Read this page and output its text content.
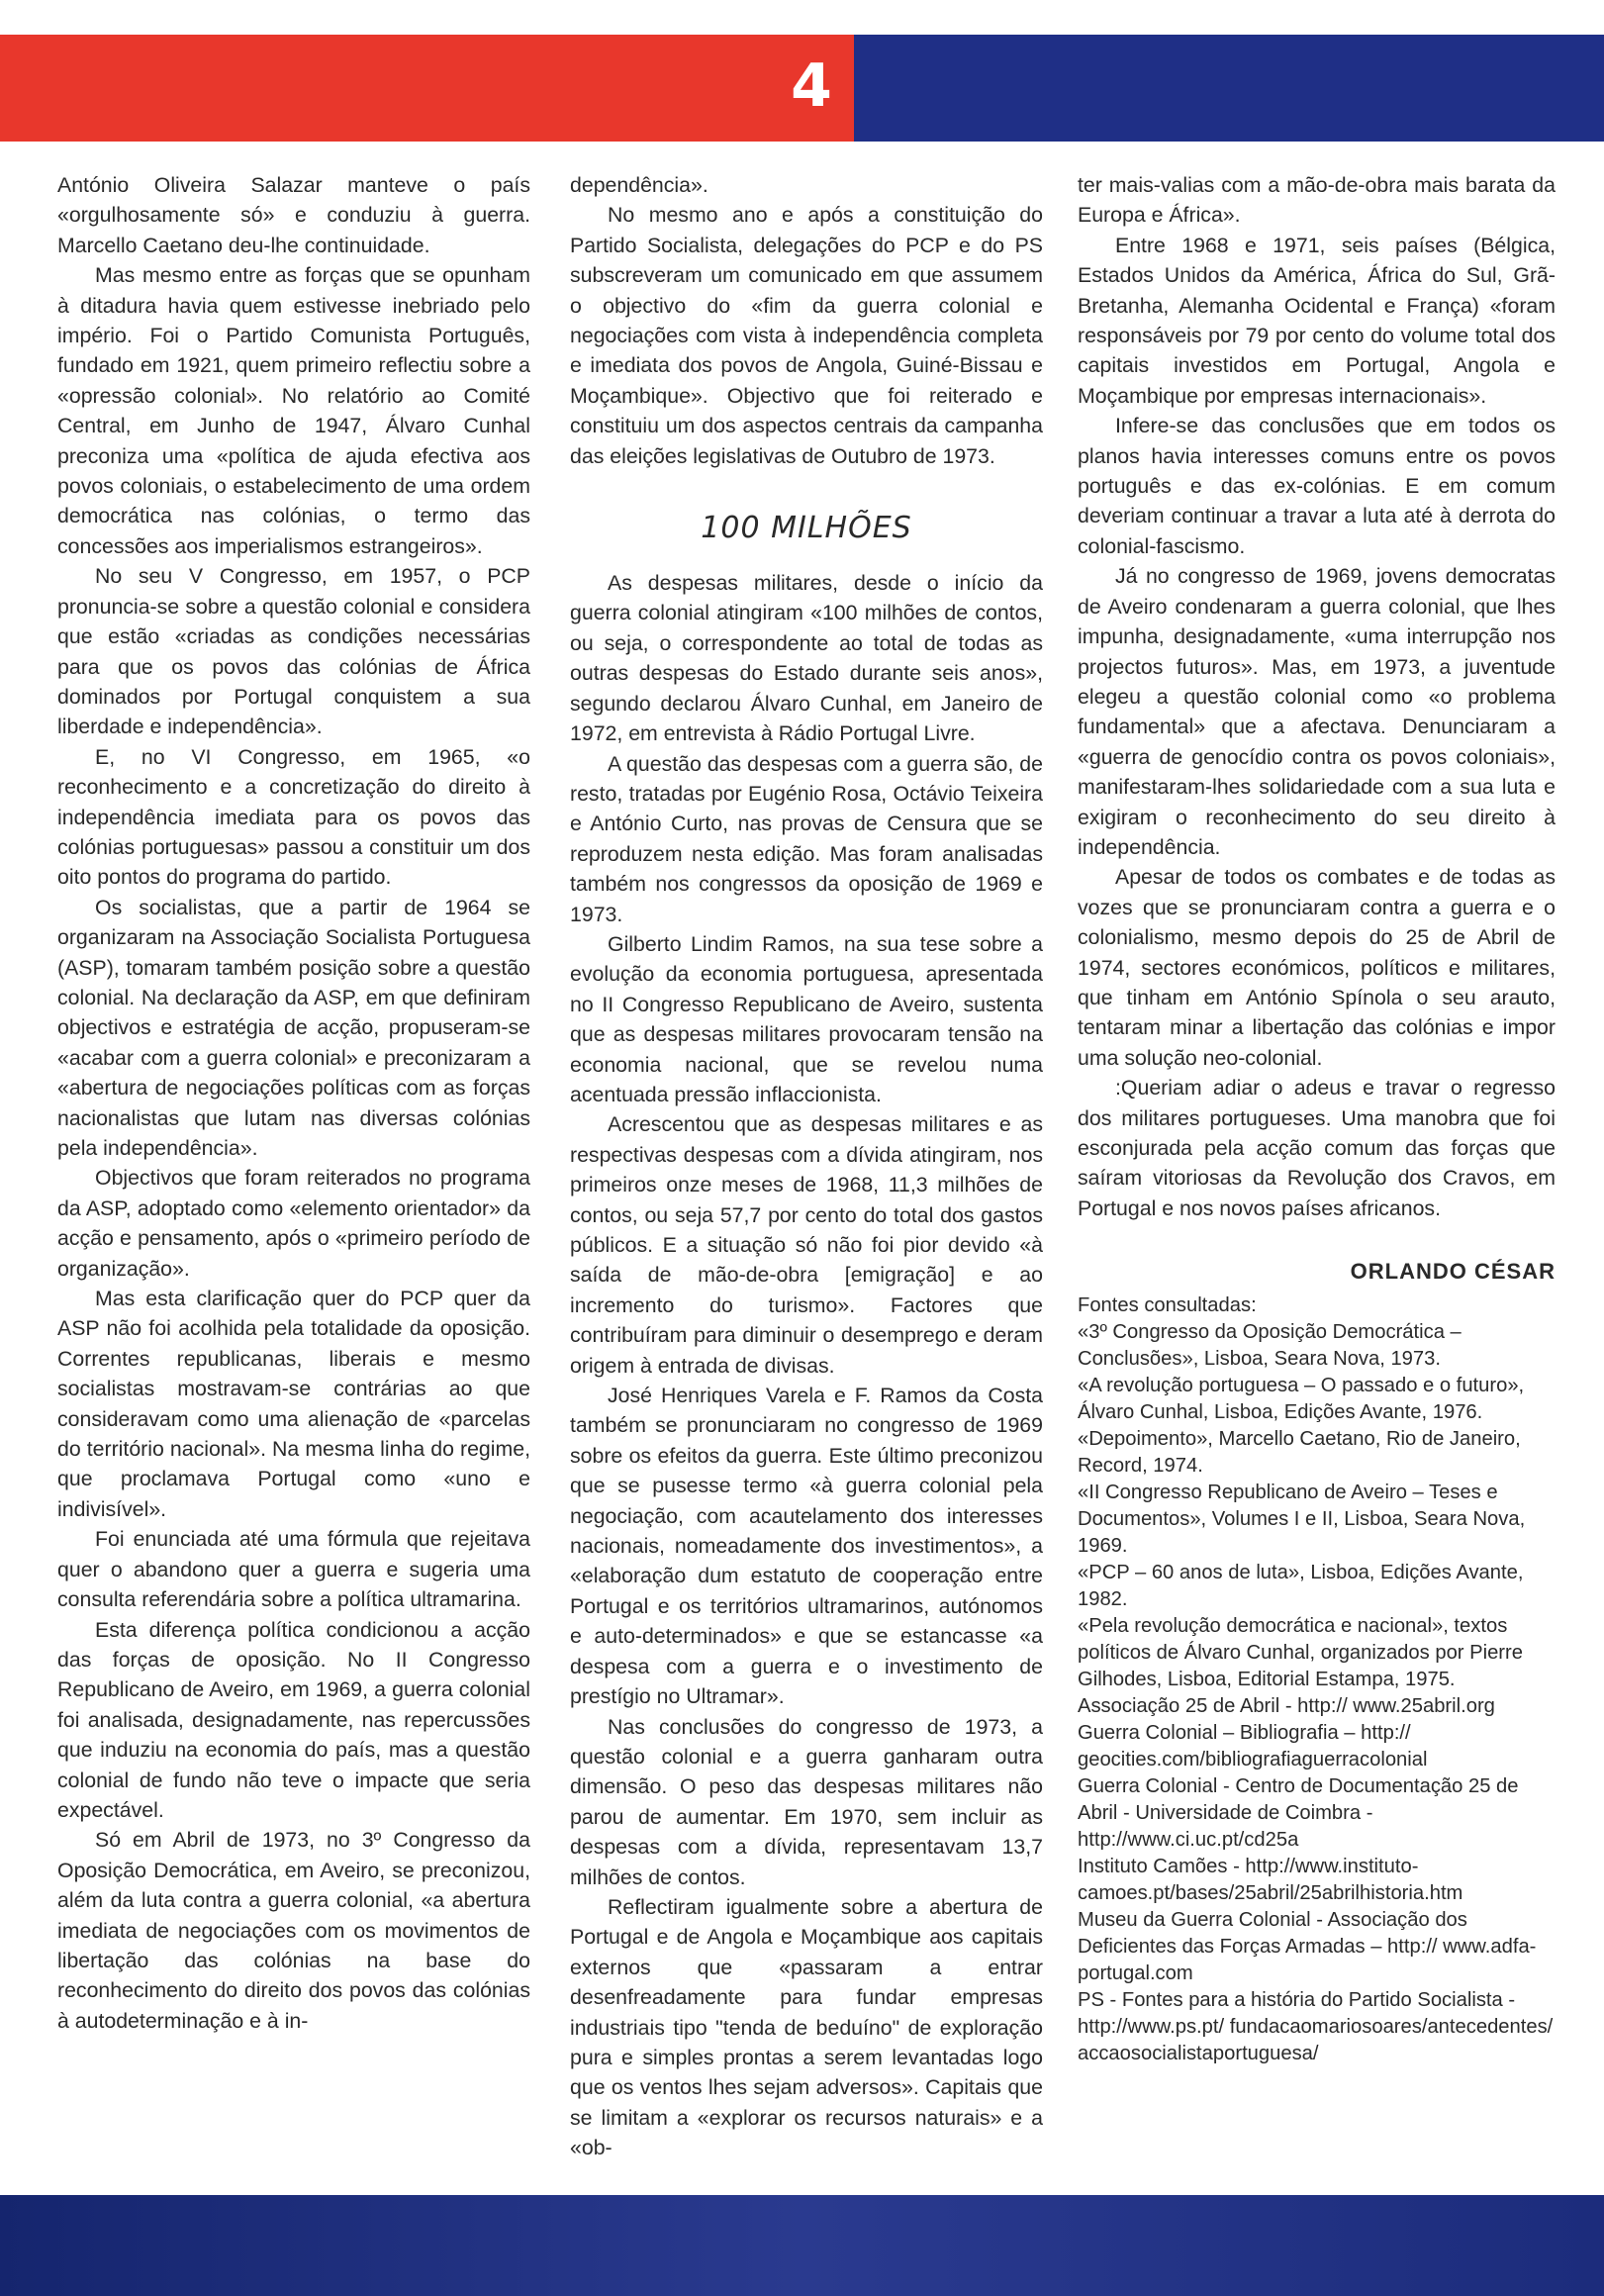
4

António Oliveira Salazar manteve o país «orgulhosamente só» e conduziu à guerra. Marcello Caetano deu-lhe continuidade.

Mas mesmo entre as forças que se opunham à ditadura havia quem estivesse inebriado pelo império. Foi o Partido Comunista Português, fundado em 1921, quem primeiro reflectiu sobre a «opressão colonial». No relatório ao Comité Central, em Junho de 1947, Álvaro Cunhal preconiza uma «política de ajuda efectiva aos povos coloniais, o estabelecimento de uma ordem democrática nas colónias, o termo das concessões aos imperialismos estrangeiros».

No seu V Congresso, em 1957, o PCP pronuncia-se sobre a questão colonial e considera que estão «criadas as condições necessárias para que os povos das colónias de África dominados por Portugal conquistem a sua liberdade e independência».

E, no VI Congresso, em 1965, «o reconhecimento e a concretização do direito à independência imediata para os povos das colónias portuguesas» passou a constituir um dos oito pontos do programa do partido.

Os socialistas, que a partir de 1964 se organizaram na Associação Socialista Portuguesa (ASP), tomaram também posição sobre a questão colonial. Na declaração da ASP, em que definiram objectivos e estratégia de acção, propuseram-se «acabar com a guerra colonial» e preconizaram a «abertura de negociações políticas com as forças nacionalistas que lutam nas diversas colónias pela independência».

Objectivos que foram reiterados no programa da ASP, adoptado como «elemento orientador» da acção e pensamento, após o «primeiro período de organização».

Mas esta clarificação quer do PCP quer da ASP não foi acolhida pela totalidade da oposição. Correntes republicanas, liberais e mesmo socialistas mostravam-se contrárias ao que consideravam como uma alienação de «parcelas do território nacional». Na mesma linha do regime, que proclamava Portugal como «uno e indivisível».

Foi enunciada até uma fórmula que rejeitava quer o abandono quer a guerra e sugeria uma consulta referendária sobre a política ultramarina.

Esta diferença política condicionou a acção das forças de oposição. No II Congresso Republicano de Aveiro, em 1969, a guerra colonial foi analisada, designadamente, nas repercussões que induziu na economia do país, mas a questão colonial de fundo não teve o impacte que seria expectável.

Só em Abril de 1973, no 3º Congresso da Oposição Democrática, em Aveiro, se preconizou, além da luta contra a guerra colonial, «a abertura imediata de negociações com os movimentos de libertação das colónias na base do reconhecimento do direito dos povos das colónias à autodeterminação e à in-

dependência».

No mesmo ano e após a constituição do Partido Socialista, delegações do PCP e do PS subscreveram um comunicado em que assumem o objectivo do «fim da guerra colonial e negociações com vista à independência completa e imediata dos povos de Angola, Guiné-Bissau e Moçambique». Objectivo que foi reiterado e constituiu um dos aspectos centrais da campanha das eleições legislativas de Outubro de 1973.

100 MILHÕES

As despesas militares, desde o início da guerra colonial atingiram «100 milhões de contos, ou seja, o correspondente ao total de todas as outras despesas do Estado durante seis anos», segundo declarou Álvaro Cunhal, em Janeiro de 1972, em entrevista à Rádio Portugal Livre.

A questão das despesas com a guerra são, de resto, tratadas por Eugénio Rosa, Octávio Teixeira e António Curto, nas provas de Censura que se reproduzem nesta edição. Mas foram analisadas também nos congressos da oposição de 1969 e 1973.

Gilberto Lindim Ramos, na sua tese sobre a evolução da economia portuguesa, apresentada no II Congresso Republicano de Aveiro, sustenta que as despesas militares provocaram tensão na economia nacional, que se revelou numa acentuada pressão inflaccionista.

Acrescentou que as despesas militares e as respectivas despesas com a dívida atingiram, nos primeiros onze meses de 1968, 11,3 milhões de contos, ou seja 57,7 por cento do total dos gastos públicos. E a situação só não foi pior devido «à saída de mão-de-obra [emigração] e ao incremento do turismo». Factores que contribuíram para diminuir o desemprego e deram origem à entrada de divisas.

José Henriques Varela e F. Ramos da Costa também se pronunciaram no congresso de 1969 sobre os efeitos da guerra. Este último preconizou que se pusesse termo «à guerra colonial pela negociação, com acautelamento dos interesses nacionais, nomeadamente dos investimentos», a «elaboração dum estatuto de cooperação entre Portugal e os territórios ultramarinos, autónomos e auto-determinados» e que se estancasse «a despesa com a guerra e o investimento de prestígio no Ultramar».

Nas conclusões do congresso de 1973, a questão colonial e a guerra ganharam outra dimensão. O peso das despesas militares não parou de aumentar. Em 1970, sem incluir as despesas com a dívida, representavam 13,7 milhões de contos.

Reflectiram igualmente sobre a abertura de Portugal e de Angola e Moçambique aos capitais externos que «passaram a entrar desenfreadamente para fundar empresas industriais tipo "tenda de beduíno" de exploração pura e simples prontas a serem levantadas logo que os ventos lhes sejam adversos». Capitais que se limitam a «explorar os recursos naturais» e a «ob-

ter mais-valias com a mão-de-obra mais barata da Europa e África».

Entre 1968 e 1971, seis países (Bélgica, Estados Unidos da América, África do Sul, Grã-Bretanha, Alemanha Ocidental e França) «foram responsáveis por 79 por cento do volume total dos capitais investidos em Portugal, Angola e Moçambique por empresas internacionais».

Infere-se das conclusões que em todos os planos havia interesses comuns entre os povos português e das ex-colónias. E em comum deveriam continuar a travar a luta até à derrota do colonial-fascismo.

Já no congresso de 1969, jovens democratas de Aveiro condenaram a guerra colonial, que lhes impunha, designadamente, «uma interrupção nos projectos futuros». Mas, em 1973, a juventude elegeu a questão colonial como «o problema fundamental» que a afectava. Denunciaram a «guerra de genocídio contra os povos coloniais», manifestaram-lhes solidariedade com a sua luta e exigiram o reconhecimento do seu direito à independência.

Apesar de todos os combates e de todas as vozes que se pronunciaram contra a guerra e o colonialismo, mesmo depois do 25 de Abril de 1974, sectores económicos, políticos e militares, que tinham em António Spínola o seu arauto, tentaram minar a libertação das colónias e impor uma solução neo-colonial.

:Queriam adiar o adeus e travar o regresso dos militares portugueses. Uma manobra que foi esconjurada pela acção comum das forças que saíram vitoriosas da Revolução dos Cravos, em Portugal e nos novos países africanos.

ORLANDO CÉSAR
Fontes consultadas:
«3º Congresso da Oposição Democrática – Conclusões», Lisboa, Seara Nova, 1973.
«A revolução portuguesa – O passado e o futuro», Álvaro Cunhal, Lisboa, Edições Avante, 1976.
«Depoimento», Marcello Caetano, Rio de Janeiro, Record, 1974.
«II Congresso Republicano de Aveiro – Teses e Documentos», Volumes I e II, Lisboa, Seara Nova, 1969.
«PCP – 60 anos de luta», Lisboa, Edições Avante, 1982.
«Pela revolução democrática e nacional», textos políticos de Álvaro Cunhal, organizados por Pierre Gilhodes, Lisboa, Editorial Estampa, 1975.
Associação 25 de Abril - http:// www.25abril.org
Guerra Colonial – Bibliografia – http:// geocities.com/bibliografiaguerracolonial
Guerra Colonial - Centro de Documentação 25 de Abril - Universidade de Coimbra - http://www.ci.uc.pt/cd25a
Instituto Camões - http://www.instituto-camoes.pt/bases/25abril/25abrilhistoria.htm
Museu da Guerra Colonial - Associação dos Deficientes das Forças Armadas – http:// www.adfa-portugal.com
PS - Fontes para a história do Partido Socialista - http://www.ps.pt/ fundacaomariosoares/antecedentes/ accaosocialistaportuguesa/
